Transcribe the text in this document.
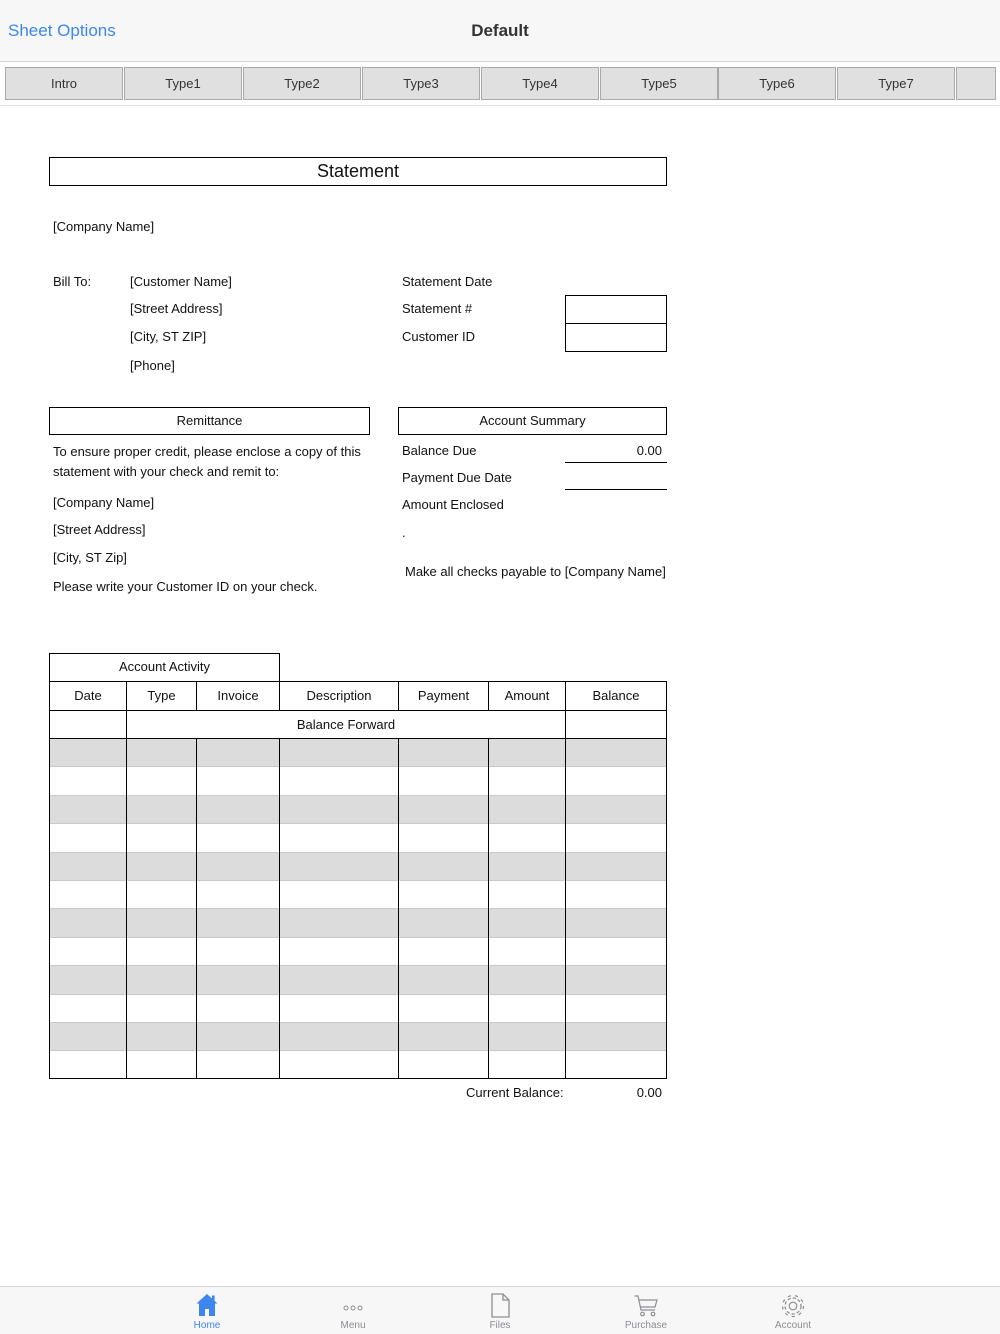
Sheet Options	Default
Intro	Type1	Type2	Type3	Type4	Type5	Type6	Type7
Statement
[Company Name]
Bill To:	[Customer Name]
[Street Address]
[City, ST ZIP]
[Phone]
Statement Date
Statement #
Customer ID
Remittance
To ensure proper credit, please enclose a copy of this
statement with your check and remit to:
[Company Name]
[Street Address]
[City, ST Zip]
Please write your Customer ID on your check.
Account Summary
Balance Due	0.00
Payment Due Date
Amount Enclosed
.
Make all checks payable to [Company Name]
Account Activity
Date	Type	Invoice	Description	Payment	Amount	Balance
Balance Forward
Current Balance:	0.00
Home	Menu	Files	Purchase	Account
